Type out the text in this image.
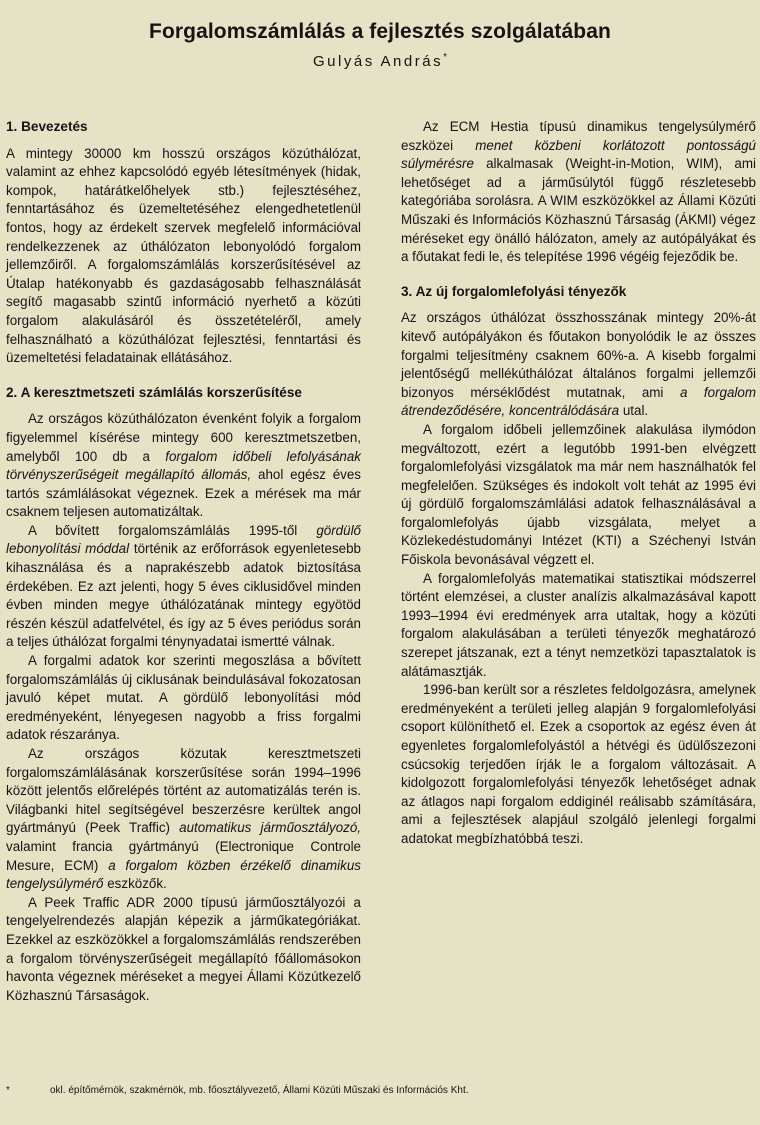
Forgalomszámlálás a fejlesztés szolgálatában
Gulyás András*
1. Bevezetés

A mintegy 30000 km hosszú országos közúthálózat, valamint az ehhez kapcsolódó egyéb létesítmények (hidak, kompok, határátkelőhelyek stb.) fejlesztéséhez, fenntartásához és üzemeltetéséhez elengedhetetlenül fontos, hogy az érdekelt szervek megfelelő információval rendelkezzenek az úthálózaton lebonyolódó forgalom jellemzőiről. A forgalomszámlálás korszerűsítésével az Útalap hatékonyabb és gazdaságosabb felhasználását segítő magasabb szintű információ nyerhető a közúti forgalom alakulásáról és összetételéről, amely felhasználható a közúthálózat fejlesztési, fenntartási és üzemeltetési feladatainak ellátásához.

2. A keresztmetszeti számlálás korszerűsítése

Az országos közúthálózaton évenként folyik a forgalom figyelemmel kísérése mintegy 600 keresztmetszetben, amelyből 100 db a forgalom időbeli lefolyásának törvényszerűségeit megállapító állomás, ahol egész éves tartós számlálásokat végeznek. Ezek a mérések ma már csaknem teljesen automatizáltak.

A bővített forgalomszámlálás 1995-től gördülő lebonyolítási móddal történik az erőforrások egyenletesebb kihasználása és a naprakészebb adatok biztosítása érdekében. Ez azt jelenti, hogy 5 éves ciklusidővel minden évben minden megye úthálózatának mintegy egyötöd részén készül adatfelvétel, és így az 5 éves periódus során a teljes úthálózat forgalmi ténynyadatai ismertté válnak.

A forgalmi adatok kor szerinti megoszlása a bővített forgalomszámlálás új ciklusának beindulásával fokozatosan javuló képet mutat. A gördülő lebonyolítási mód eredményeként, lényegesen nagyobb a friss forgalmi adatok részaránya.

Az országos közutak keresztmetszeti forgalomszámlálásának korszerűsítése során 1994–1996 között jelentős előrelépés történt az automatizálás terén is. Világbanki hitel segítségével beszerzésre kerültek angol gyártmányú (Peek Traffic) automatikus járműosztályozó, valamint francia gyártmányú (Electronique Controle Mesure, ECM) a forgalom közben érzékelő dinamikus tengelysúlymérő eszközők.

A Peek Traffic ADR 2000 típusú járműosztályozói a tengelyelrendezés alapján képezik a járműkategóriákat. Ezekkel az eszközökkel a forgalomszámlálás rendszerében a forgalom törvényszerűségeit megállapító főállomásokon havonta végeznek méréseket a megyei Állami Közútkezelő Közhasznú Társaságok.

Az ECM Hestia típusú dinamikus tengelysúlymérő eszközei menet közbeni korlátozott pontosságú súlymérésre alkalmasak (Weight-in-Motion, WIM), ami lehetőséget ad a járműsúlytól függő részletesebb kategóriába sorolásra. A WIM eszközökkel az Állami Közúti Műszaki és Információs Közhasznú Társaság (ÁKMI) végez méréseket egy önálló hálózaton, amely az autópályákat és a főutakat fedi le, és telepítése 1996 végéig fejeződik be.

3. Az új forgalomlefolyási tényezők

Az országos úthálózat összhosszának mintegy 20%-át kitevő autópályákon és főutakon bonyolódik le az összes forgalmi teljesítmény csaknem 60%-a. A kisebb forgalmi jelentőségű mellékúthálózat általános forgalmi jellemzői bizonyos mérséklődést mutatnak, ami a forgalom átrendeződésére, koncentrálódására utal.

A forgalom időbeli jellemzőinek alakulása ilymódon megváltozott, ezért a legutóbb 1991-ben elvégzett forgalomlefolyási vizsgálatok ma már nem használhatók fel megfelelően. Szükséges és indokolt volt tehát az 1995 évi új gördülő forgalomszámlálási adatok felhasználásával a forgalomlefolyás újabb vizsgálata, melyet a Közlekedéstudományi Intézet (KTI) a Széchenyi István Főiskola bevonásával végzett el.

A forgalomlefolyás matematikai statisztikai módszerrel történt elemzései, a cluster analízis alkalmazásával kapott 1993–1994 évi eredmények arra utaltak, hogy a közúti forgalom alakulásában a területi tényezők meghatározó szerepet játszanak, ezt a tényt nemzetközi tapasztalatok is alátámasztják.

1996-ban került sor a részletes feldolgozásra, amelynek eredményeként a területi jelleg alapján 9 forgalomlefolyási csoport különíthető el. Ezek a csoportok az egész éven át egyenletes forgalomlefolyástól a hétvégi és üdülőszezoni csúcsokig terjedően írják le a forgalom változásait. A kidolgozott forgalomlefolyási tényezők lehetőséget adnak az átlagos napi forgalom eddiginél reálisabb számítására, ami a fejlesztések alapjául szolgáló jelenlegi forgalmi adatokat megbízhatóbbá teszi.

*	okl. építőmérnök, szakmérnök, mb. főosztályvezető, Állami Közúti Műszaki és Információs Kht.
